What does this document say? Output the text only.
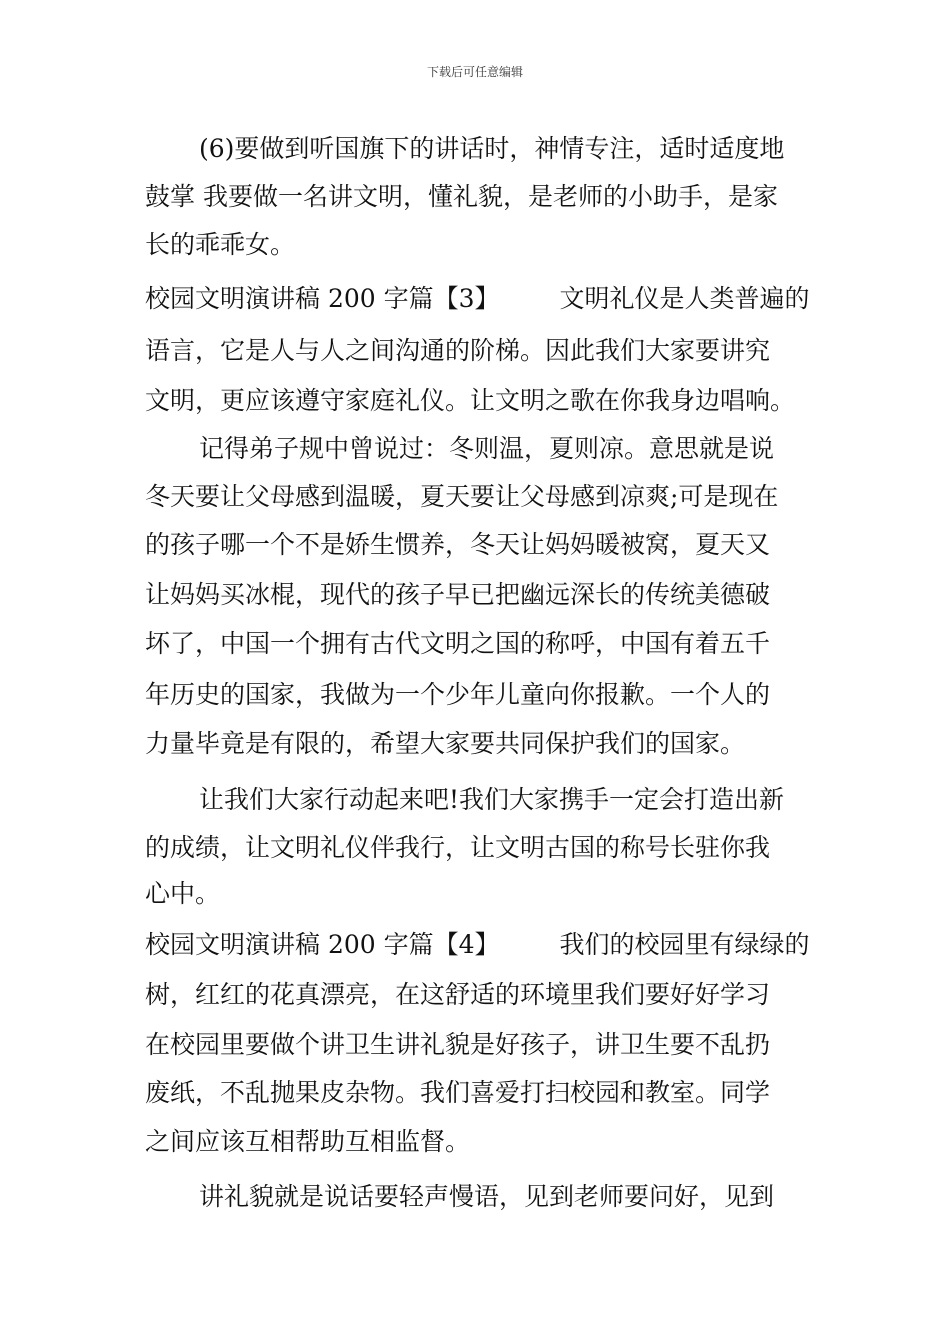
下载后可任意编辑
(6)要做到听国旗下的讲话时，神情专注，适时适度地
鼓掌 我要做一名讲文明，懂礼貌，是老师的小助手，是家
长的乖乖女。
校园文明演讲稿 200 字篇【3】 文明礼仪是人类普遍的
语言，它是人与人之间沟通的阶梯。因此我们大家要讲究
文明，更应该遵守家庭礼仪。让文明之歌在你我身边唱响。
记得弟子规中曾说过：冬则温，夏则凉。意思就是说
冬天要让父母感到温暖，夏天要让父母感到凉爽;可是现在
的孩子哪一个不是娇生惯养，冬天让妈妈暖被窝，夏天又
让妈妈买冰棍，现代的孩子早已把幽远深长的传统美德破
坏了，中国一个拥有古代文明之国的称呼，中国有着五千
年历史的国家，我做为一个少年儿童向你报歉。一个人的
力量毕竟是有限的，希望大家要共同保护我们的国家。
让我们大家行动起来吧!我们大家携手一定会打造出新
的成绩，让文明礼仪伴我行，让文明古国的称号长驻你我
心中。
校园文明演讲稿 200 字篇【4】 我们的校园里有绿绿的
树，红红的花真漂亮，在这舒适的环境里我们要好好学习
在校园里要做个讲卫生讲礼貌是好孩子，讲卫生要不乱扔
废纸，不乱抛果皮杂物。我们喜爱打扫校园和教室。同学
之间应该互相帮助互相监督。
讲礼貌就是说话要轻声慢语，见到老师要问好，见到
